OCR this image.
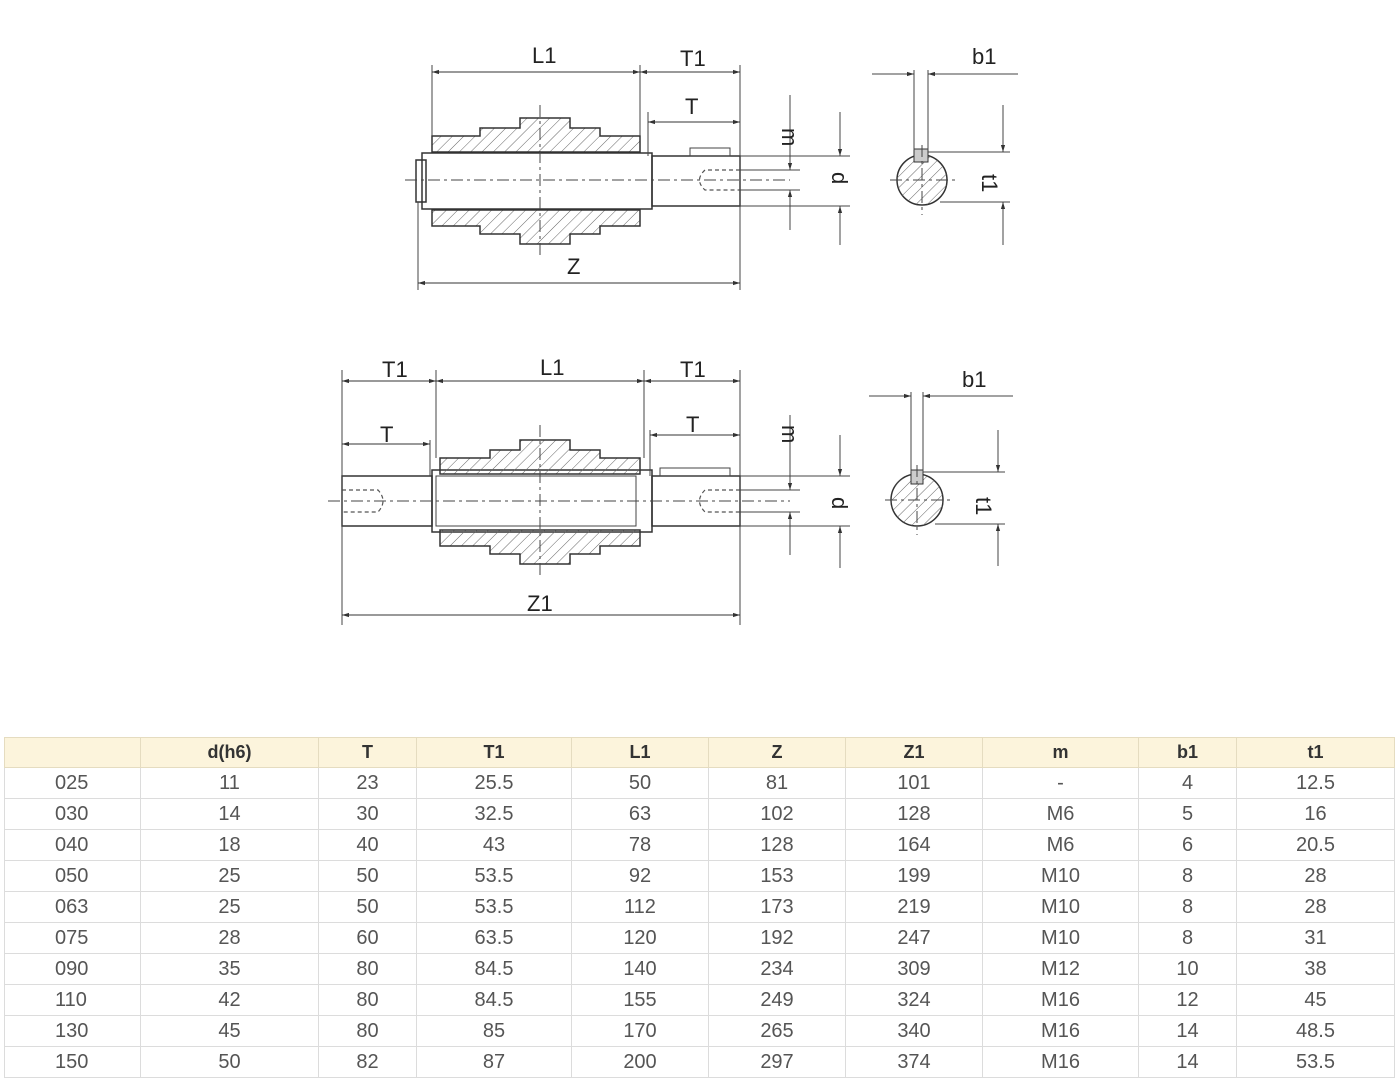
L1	T1
T
Z
m
d
b1
t1
T1	L1	T1
T	T
Z1
m
d
b1
t1
	d(h6)	T	T1	L1	Z	Z1	m	b1	t1
025	11	23	25.5	50	81	101	-	4	12.5
030	14	30	32.5	63	102	128	M6	5	16
040	18	40	43	78	128	164	M6	6	20.5
050	25	50	53.5	92	153	199	M10	8	28
063	25	50	53.5	112	173	219	M10	8	28
075	28	60	63.5	120	192	247	M10	8	31
090	35	80	84.5	140	234	309	M12	10	38
110	42	80	84.5	155	249	324	M16	12	45
130	45	80	85	170	265	340	M16	14	48.5
150	50	82	87	200	297	374	M16	14	53.5
